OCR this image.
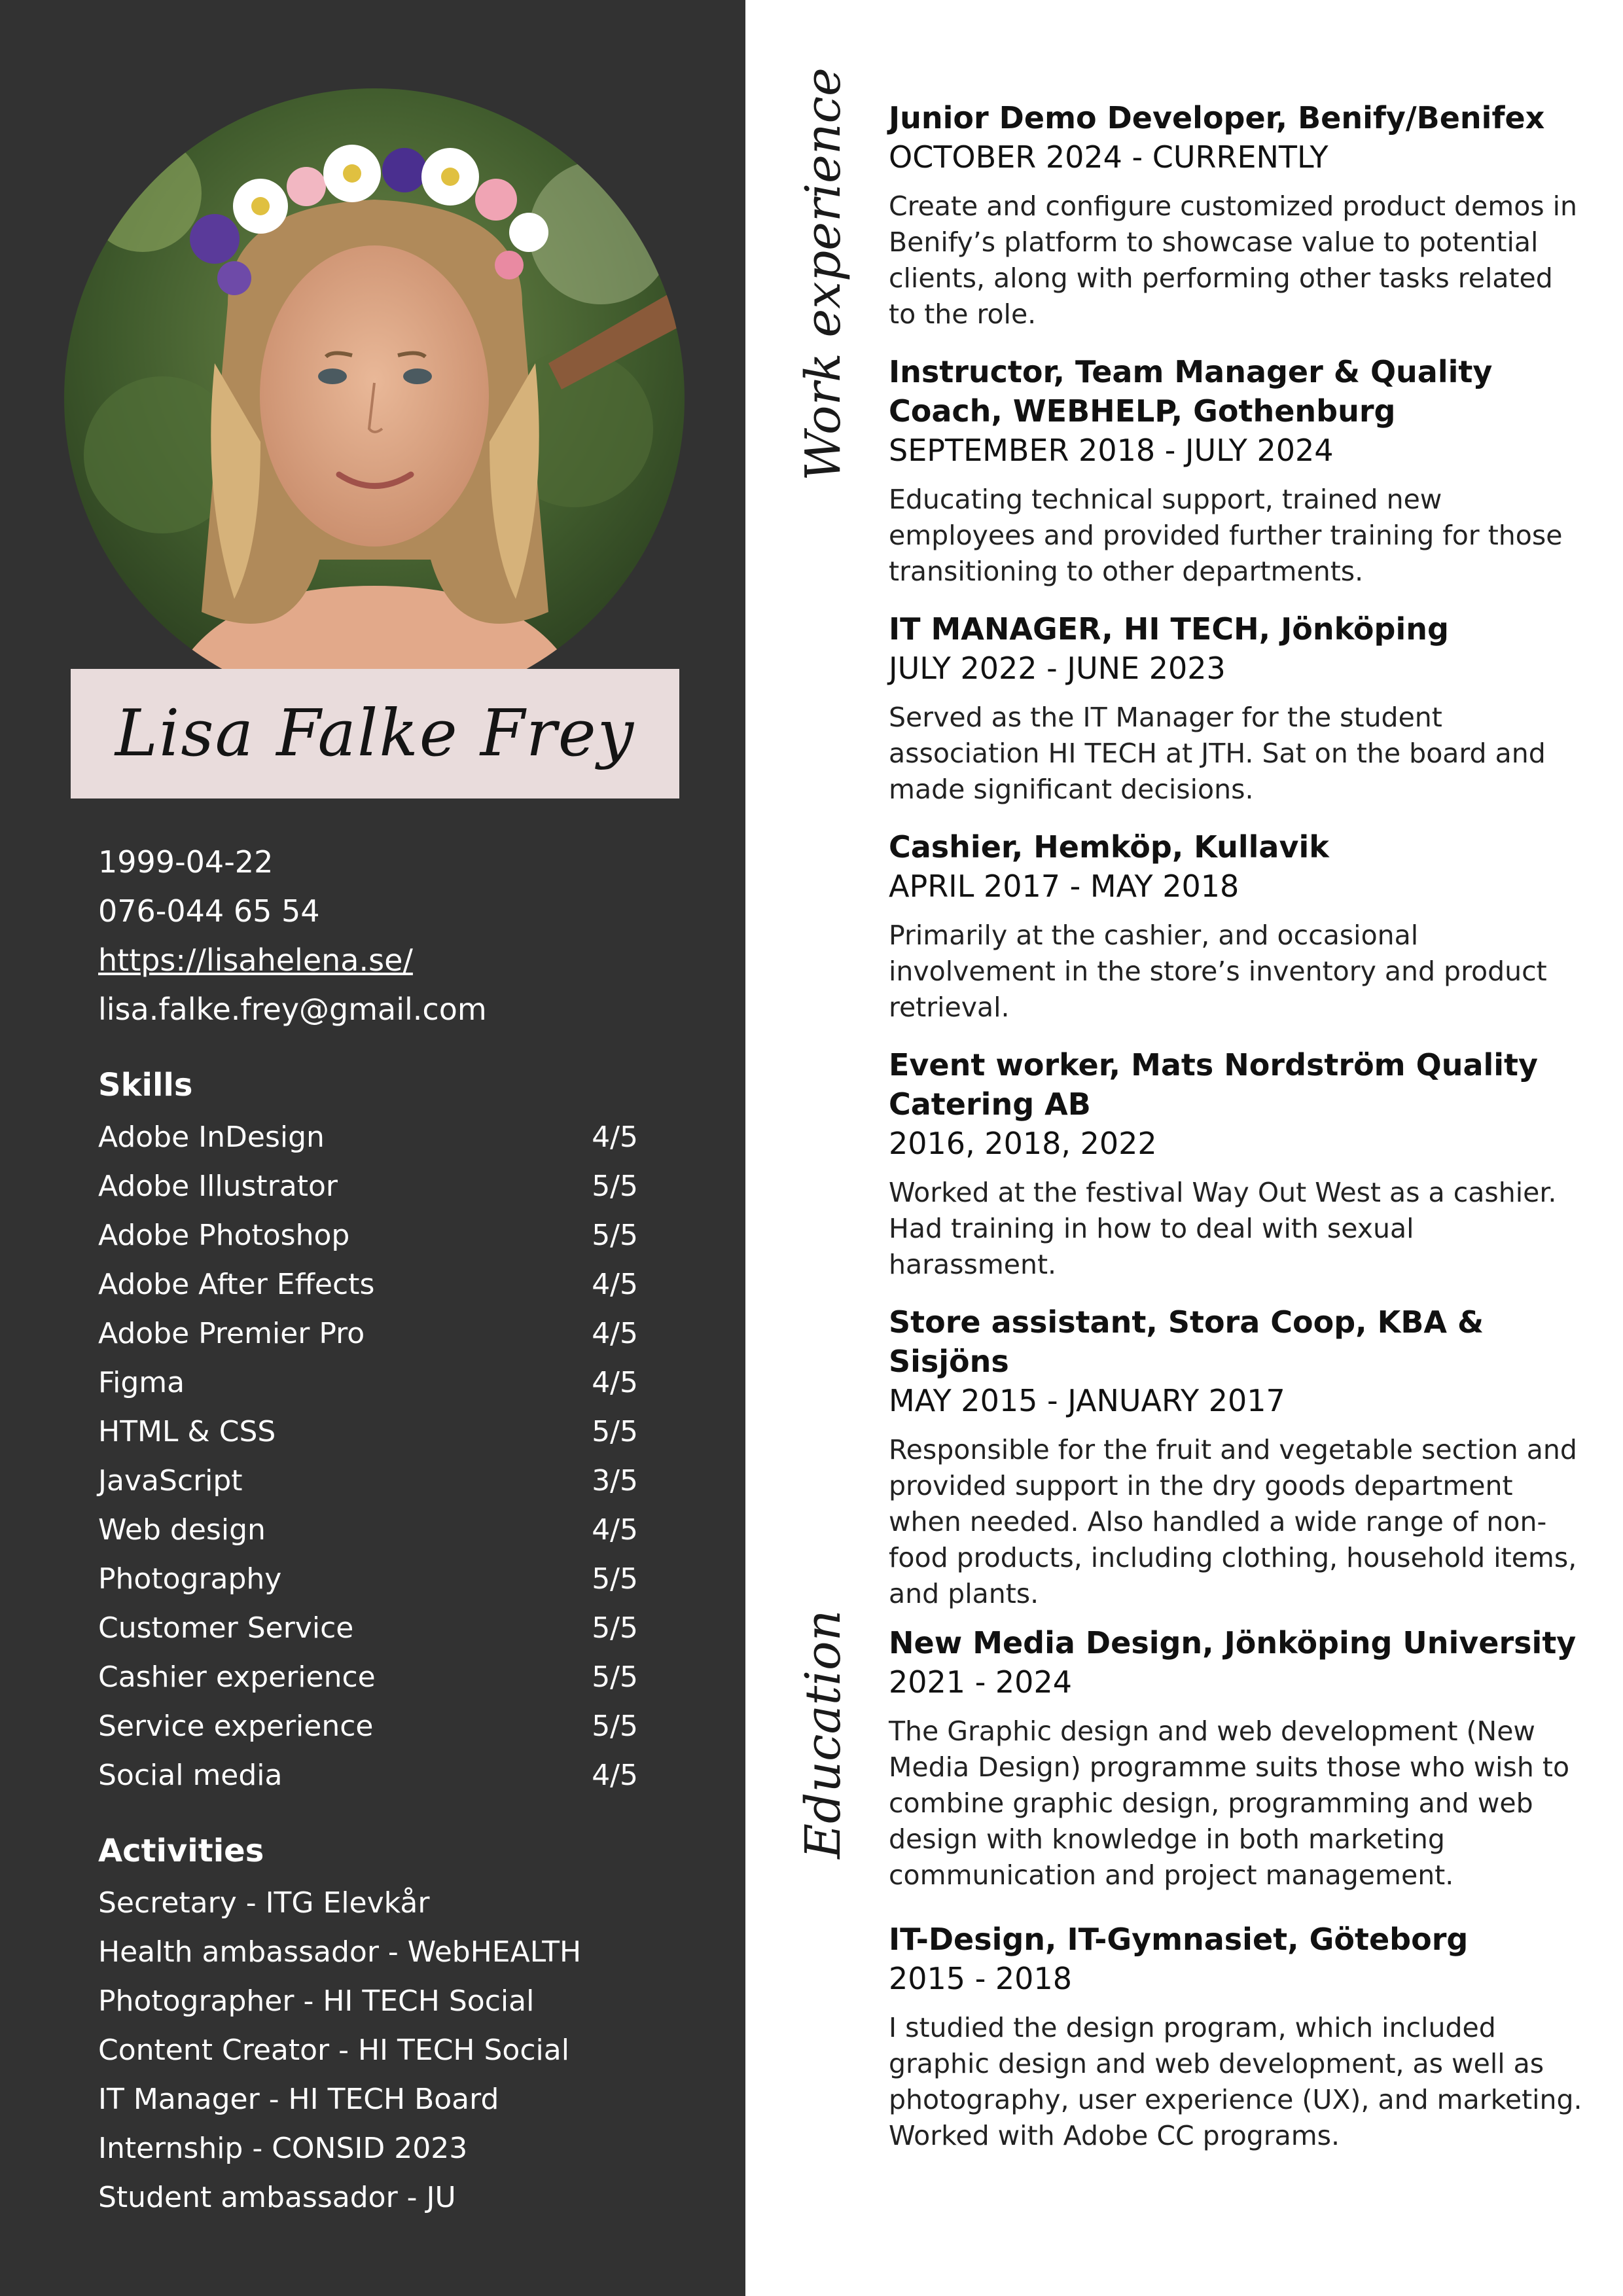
Lisa Falke Frey
1999-04-22
076-044 65 54
https://lisahelena.se/
lisa.falke.frey@gmail.com
Skills
Adobe InDesign	4/5
Adobe Illustrator	5/5
Adobe Photoshop	5/5
Adobe After Effects	4/5
Adobe Premier Pro	4/5
Figma	4/5
HTML & CSS	5/5
JavaScript	3/5
Web design	4/5
Photography	5/5
Customer Service	5/5
Cashier experience	5/5
Service experience	5/5
Social media	4/5
Activities
Secretary - ITG Elevkår
Health ambassador - WebHEALTH
Photographer - HI TECH Social
Content Creator - HI TECH Social
IT Manager - HI TECH Board
Internship - CONSID 2023
Student ambassador - JU
Work experience Junior Demo Developer, Benify/Benifex
OCTOBER 2024 - CURRENTLY

Create and configure customized product demos in Benify’s platform to showcase value to potential clients, along with performing other tasks related to the role.

Instructor, Team Manager & Quality Coach, WEBHELP, Gothenburg
SEPTEMBER 2018 - JULY 2024

Educating technical support, trained new employees and provided further training for those transitioning to other departments.

IT MANAGER, HI TECH, Jönköping
JULY 2022 - JUNE 2023

Served as the IT Manager for the student association HI TECH at JTH. Sat on the board and made significant decisions.

Cashier, Hemköp, Kullavik
APRIL 2017 - MAY 2018

Primarily at the cashier, and occasional involvement in the store’s inventory and product retrieval.

Event worker, Mats Nordström Quality Catering AB
2016, 2018, 2022

Worked at the festival Way Out West as a cashier. Had training in how to deal with sexual harassment.

Store assistant, Stora Coop, KBA & Sisjöns
MAY 2015 - JANUARY 2017

Responsible for the fruit and vegetable section and provided support in the dry goods department when needed. Also handled a wide range of non-food products, including clothing, household items, and plants.

Education New Media Design, Jönköping University
2021 - 2024

The Graphic design and web development (New Media Design) programme suits those who wish to combine graphic design, programming and web design with knowledge in both marketing communication and project management.

IT-Design, IT-Gymnasiet, Göteborg
2015 - 2018

I studied the design program, which included graphic design and web development, as well as photography, user experience (UX), and marketing. Worked with Adobe CC programs.
